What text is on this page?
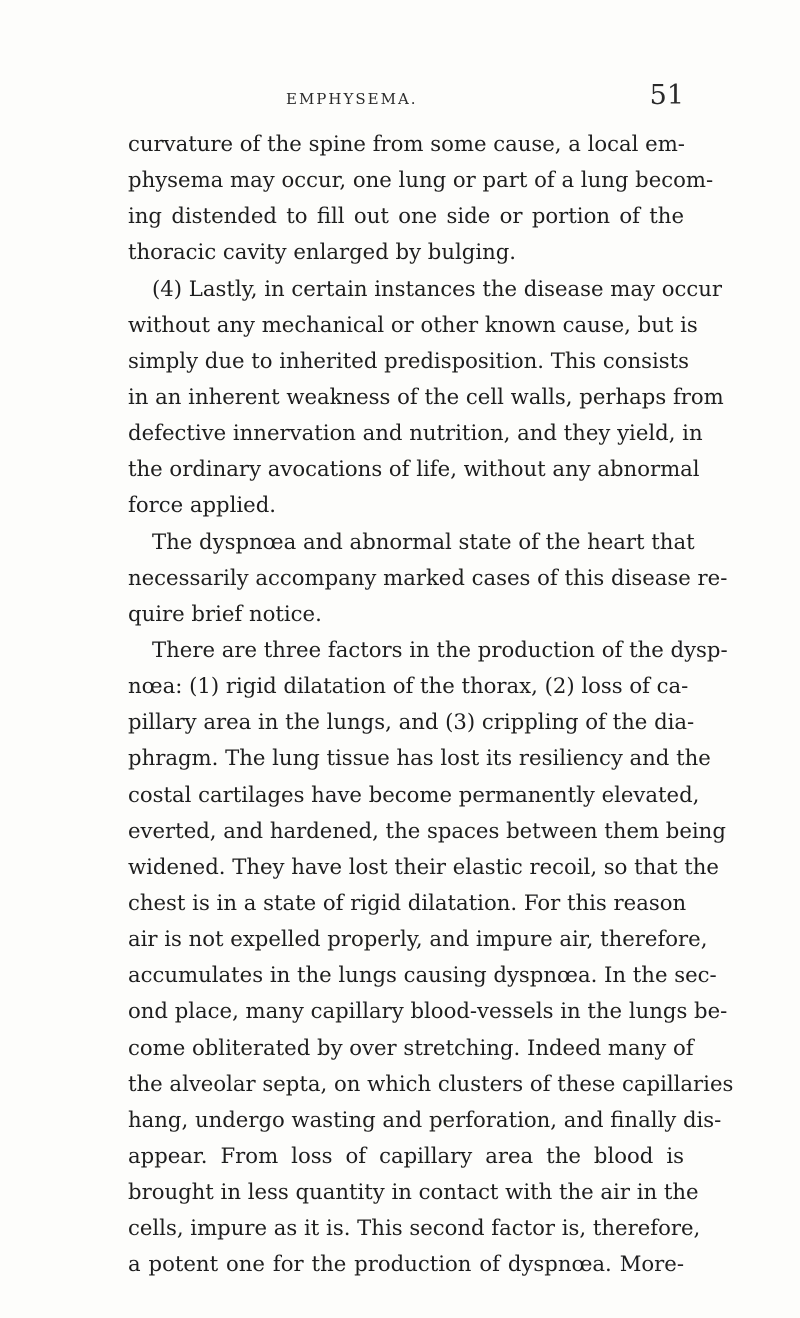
EMPHYSEMA.	51
curvature of the spine from some cause, a local em-
physema may occur, one lung or part of a lung becom-
ing distended to fill out one side or portion of the
thoracic cavity enlarged by bulging.
(4) Lastly, in certain instances the disease may occur
without any mechanical or other known cause, but is
simply due to inherited predisposition. This consists
in an inherent weakness of the cell walls, perhaps from
defective innervation and nutrition, and they yield, in
the ordinary avocations of life, without any abnormal
force applied.
The dyspnœa and abnormal state of the heart that
necessarily accompany marked cases of this disease re-
quire brief notice.
There are three factors in the production of the dysp-
nœa: (1) rigid dilatation of the thorax, (2) loss of ca-
pillary area in the lungs, and (3) crippling of the dia-
phragm. The lung tissue has lost its resiliency and the
costal cartilages have become permanently elevated,
everted, and hardened, the spaces between them being
widened. They have lost their elastic recoil, so that the
chest is in a state of rigid dilatation. For this reason
air is not expelled properly, and impure air, therefore,
accumulates in the lungs causing dyspnœa. In the sec-
ond place, many capillary blood-vessels in the lungs be-
come obliterated by over stretching. Indeed many of
the alveolar septa, on which clusters of these capillaries
hang, undergo wasting and perforation, and finally dis-
appear. From loss of capillary area the blood is
brought in less quantity in contact with the air in the
cells, impure as it is. This second factor is, therefore,
a potent one for the production of dyspnœa. More-
